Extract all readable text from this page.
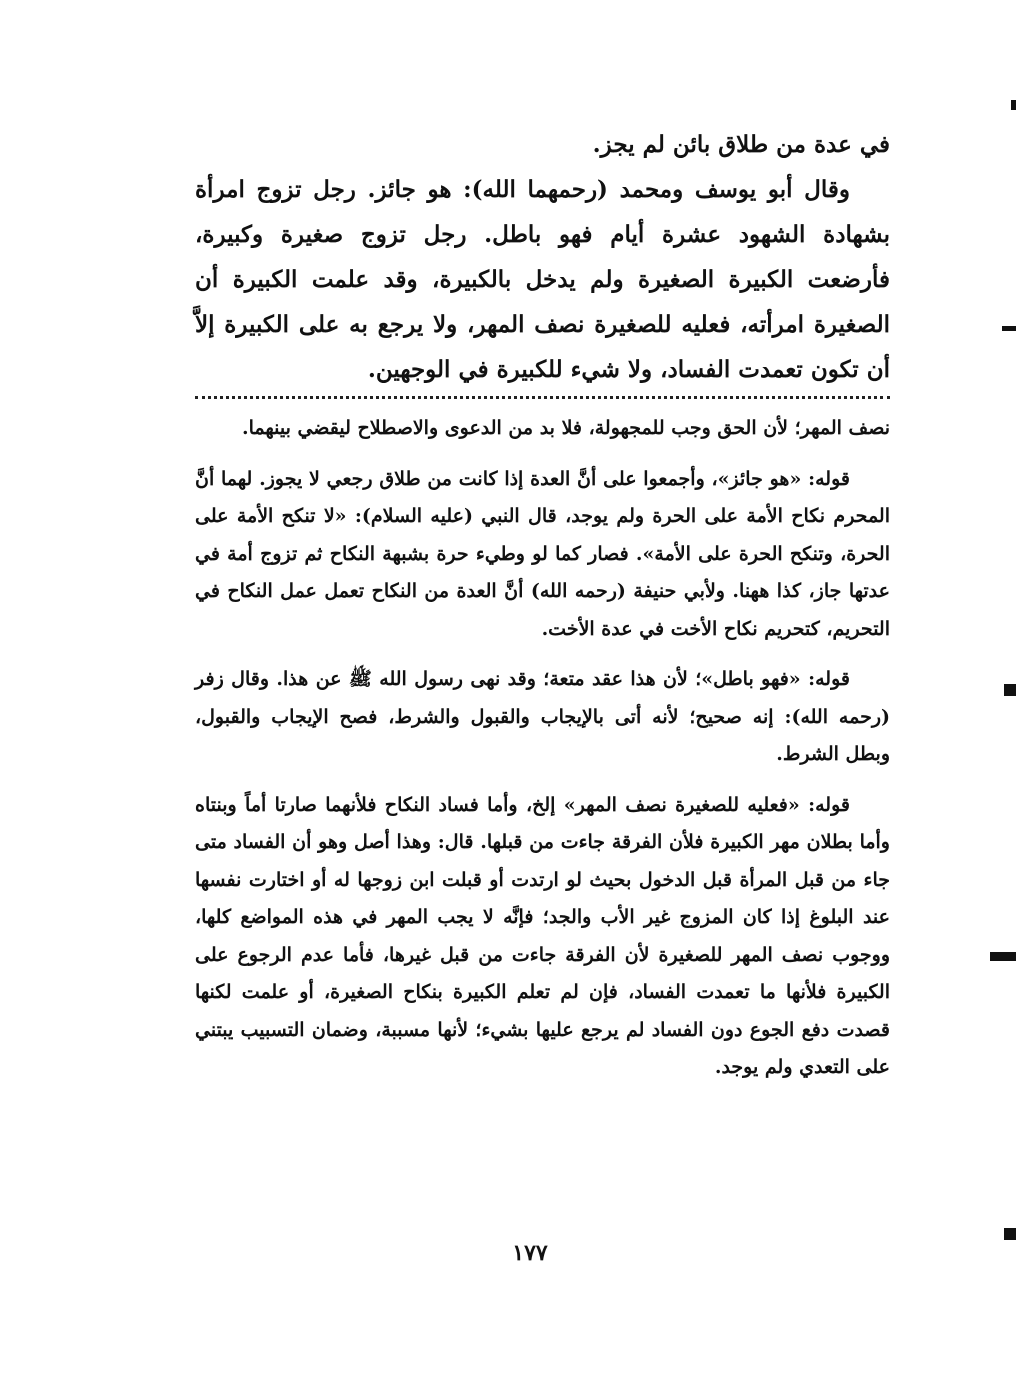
في عدة من طلاق بائن لم يجز.

وقال أبو يوسف ومحمد (رحمهما الله): هو جائز. رجل تزوج امرأة بشهادة الشهود عشرة أيام فهو باطل. رجل تزوج صغيرة وكبيرة، فأرضعت الكبيرة الصغيرة ولم يدخل بالكبيرة، وقد علمت الكبيرة أن الصغيرة امرأته، فعليه للصغيرة نصف المهر، ولا يرجع به على الكبيرة إلاَّ أن تكون تعمدت الفساد، ولا شيء للكبيرة في الوجهين.

نصف المهر؛ لأن الحق وجب للمجهولة، فلا بد من الدعوى والاصطلاح ليقضي بينهما.

قوله: «هو جائز»، وأجمعوا على أنَّ العدة إذا كانت من طلاق رجعي لا يجوز. لهما أنَّ المحرم نكاح الأمة على الحرة ولم يوجد، قال النبي (عليه السلام): «لا تنكح الأمة على الحرة، وتنكح الحرة على الأمة». فصار كما لو وطيء حرة بشبهة النكاح ثم تزوج أمة في عدتها جاز، كذا ههنا. ولأبي حنيفة (رحمه الله) أنَّ العدة من النكاح تعمل عمل النكاح في التحريم، كتحريم نكاح الأخت في عدة الأخت.

قوله: «فهو باطل»؛ لأن هذا عقد متعة؛ وقد نهى رسول الله ﷺ عن هذا. وقال زفر (رحمه الله): إنه صحيح؛ لأنه أتى بالإيجاب والقبول والشرط، فصح الإيجاب والقبول، وبطل الشرط.

قوله: «فعليه للصغيرة نصف المهر» إلخ، وأما فساد النكاح فلأنهما صارتا أماً وبنتاه وأما بطلان مهر الكبيرة فلأن الفرقة جاءت من قبلها. قال: وهذا أصل وهو أن الفساد متى جاء من قبل المرأة قبل الدخول بحيث لو ارتدت أو قبلت ابن زوجها له أو اختارت نفسها عند البلوغ إذا كان المزوج غير الأب والجد؛ فإنَّه لا يجب المهر في هذه المواضع كلها، ووجوب نصف المهر للصغيرة لأن الفرقة جاءت من قبل غيرها، فأما عدم الرجوع على الكبيرة فلأنها ما تعمدت الفساد، فإن لم تعلم الكبيرة بنكاح الصغيرة، أو علمت لكنها قصدت دفع الجوع دون الفساد لم يرجع عليها بشيء؛ لأنها مسببة، وضمان التسبيب يبتني على التعدي ولم يوجد.

١٧٧
